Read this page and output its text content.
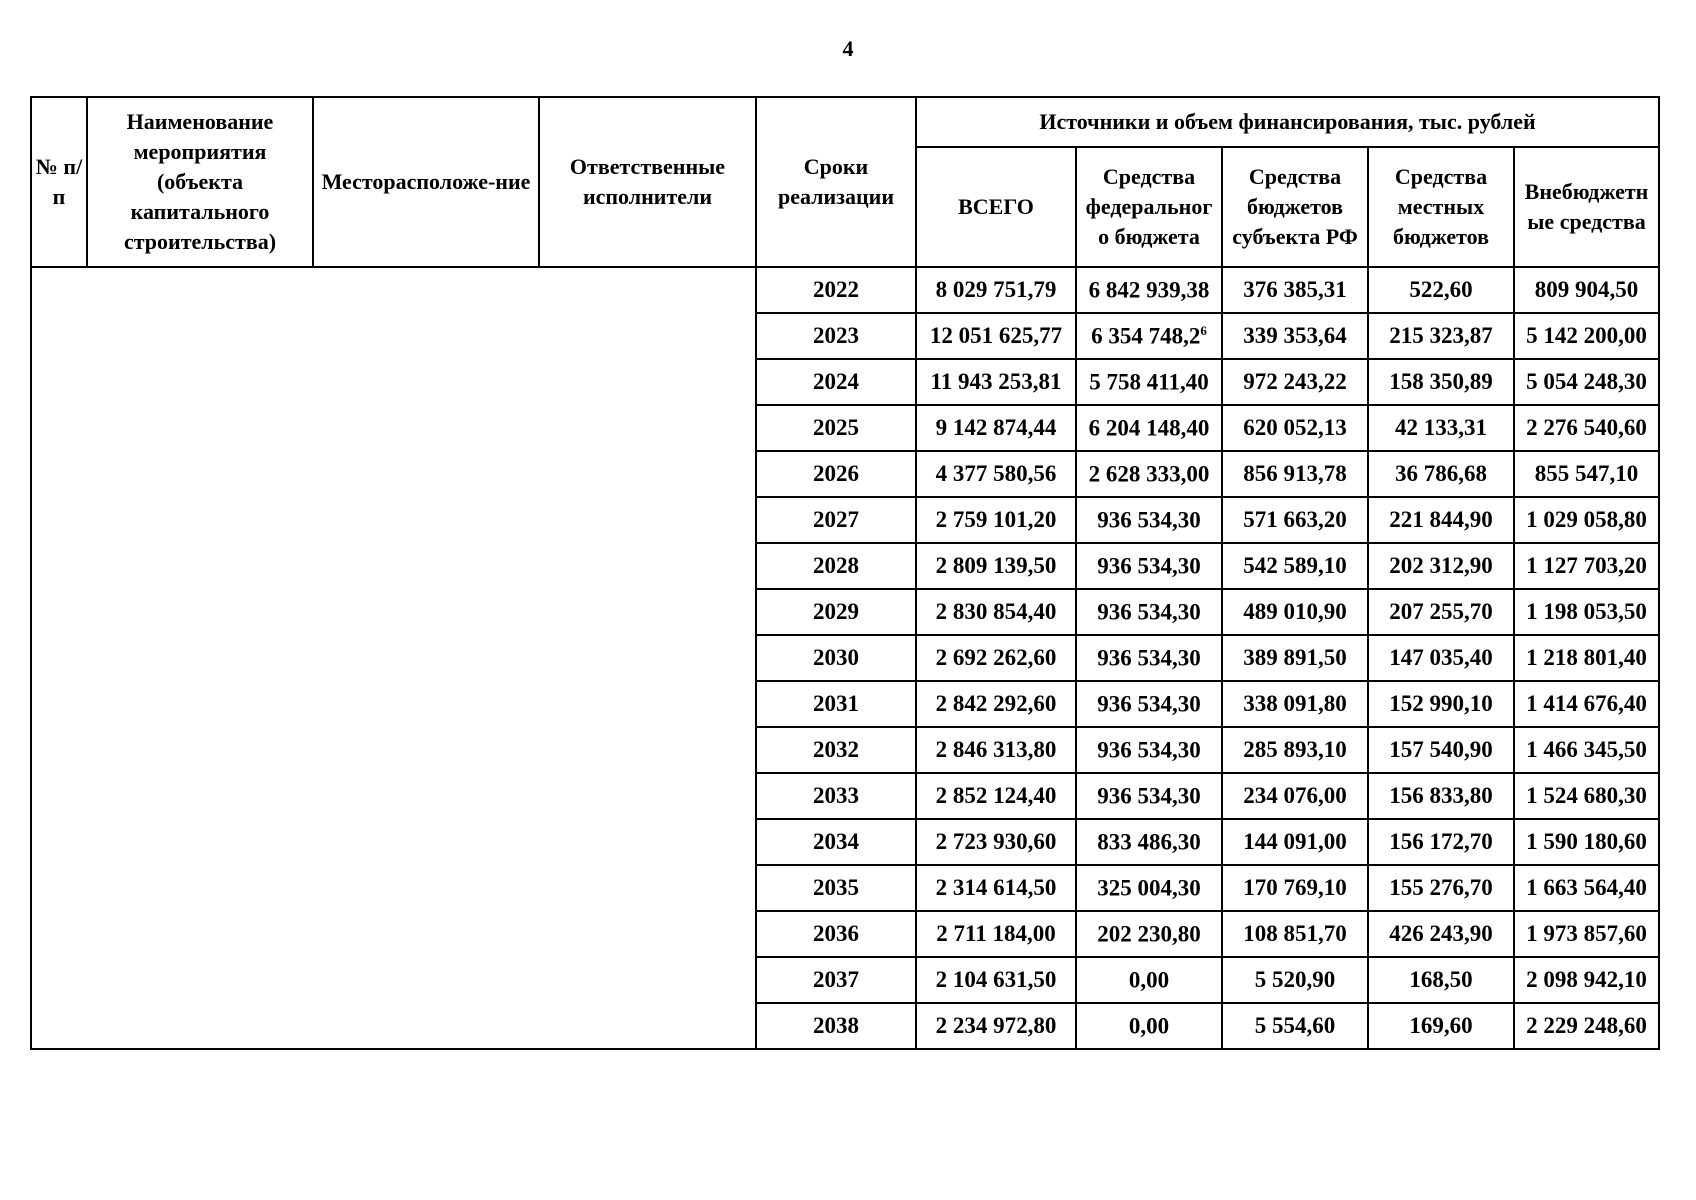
4
№ п/п	Наименование мероприятия (объекта капитального строительства)	Месторасположе-ние	Ответственные исполнители	Сроки реализации	Источники и объем финансирования, тыс. рублей				
					ВСЕГО	Средства федеральног о бюджета	Средства бюджетов субъекта РФ	Средства местных бюджетов	Внебюджетн ые средства
				2022	8 029 751,79	6 842 939,38	376 385,31	522,60	809 904,50
				2023	12 051 625,77	6 354 748,2$^6$	339 353,64	215 323,87	5 142 200,00
				2024	11 943 253,81	5 758 411,40	972 243,22	158 350,89	5 054 248,30
				2025	9 142 874,44	6 204 148,40	620 052,13	42 133,31	2 276 540,60
				2026	4 377 580,56	2 628 333,00	856 913,78	36 786,68	855 547,10
				2027	2 759 101,20	936 534,30	571 663,20	221 844,90	1 029 058,80
				2028	2 809 139,50	936 534,30	542 589,10	202 312,90	1 127 703,20
				2029	2 830 854,40	936 534,30	489 010,90	207 255,70	1 198 053,50
				2030	2 692 262,60	936 534,30	389 891,50	147 035,40	1 218 801,40
				2031	2 842 292,60	936 534,30	338 091,80	152 990,10	1 414 676,40
				2032	2 846 313,80	936 534,30	285 893,10	157 540,90	1 466 345,50
				2033	2 852 124,40	936 534,30	234 076,00	156 833,80	1 524 680,30
				2034	2 723 930,60	833 486,30	144 091,00	156 172,70	1 590 180,60
				2035	2 314 614,50	325 004,30	170 769,10	155 276,70	1 663 564,40
				2036	2 711 184,00	202 230,80	108 851,70	426 243,90	1 973 857,60
				2037	2 104 631,50	0,00	5 520,90	168,50	2 098 942,10
				2038	2 234 972,80	0,00	5 554,60	169,60	2 229 248,60
